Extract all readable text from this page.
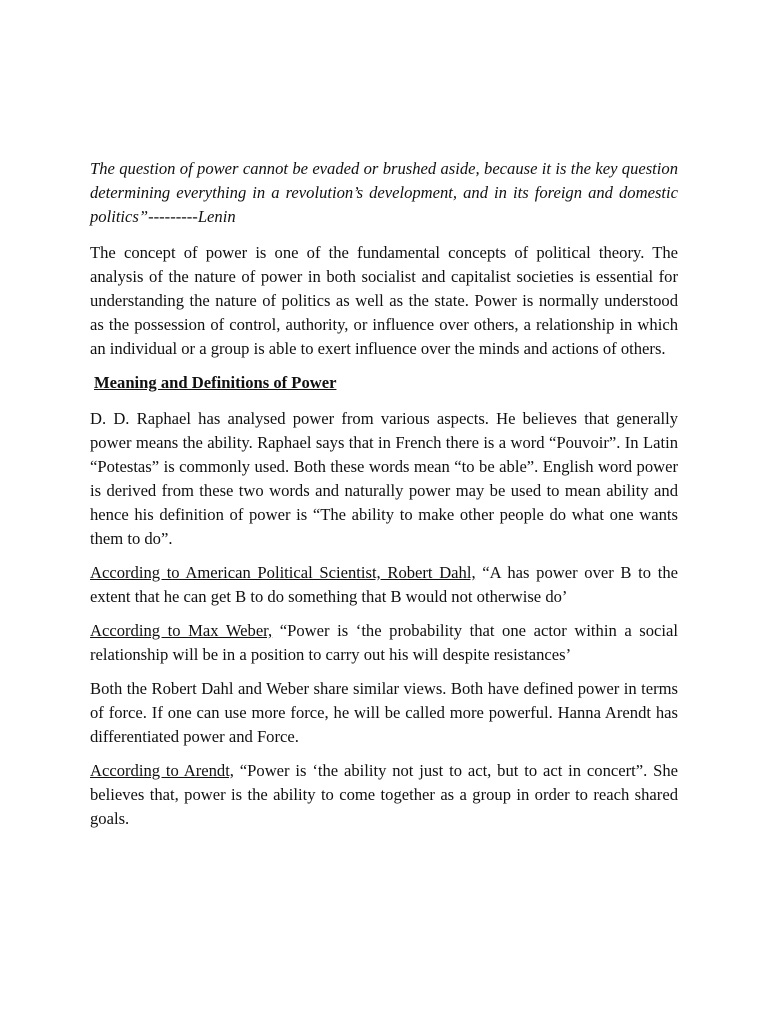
The question of power cannot be evaded or brushed aside, because it is the key question determining everything in a revolution’s development, and in its foreign and domestic politics”---------Lenin

The concept of power is one of the fundamental concepts of political theory. The analysis of the nature of power in both socialist and capitalist societies is essential for understanding the nature of politics as well as the state. Power is normally understood as the possession of control, authority, or influence over others, a relationship in which an individual or a group is able to exert influence over the minds and actions of others.

Meaning and Definitions of Power

D. D. Raphael has analysed power from various aspects. He believes that generally power means the ability. Raphael says that in French there is a word “Pouvoir”. In Latin “Potestas” is commonly used. Both these words mean “to be able”. English word power is derived from these two words and naturally power may be used to mean ability and hence his definition of power is “The ability to make other people do what one wants them to do”.

According to American Political Scientist, Robert Dahl, “A has power over B to the extent that he can get B to do something that B would not otherwise do’

According to Max Weber, “Power is ‘the probability that one actor within a social relationship will be in a position to carry out his will despite resistances’

Both the Robert Dahl and Weber share similar views. Both have defined power in terms of force. If one can use more force, he will be called more powerful. Hanna Arendt has differentiated power and Force.

According to Arendt, “Power is ‘the ability not just to act, but to act in concert”. She believes that, power is the ability to come together as a group in order to reach shared goals.
